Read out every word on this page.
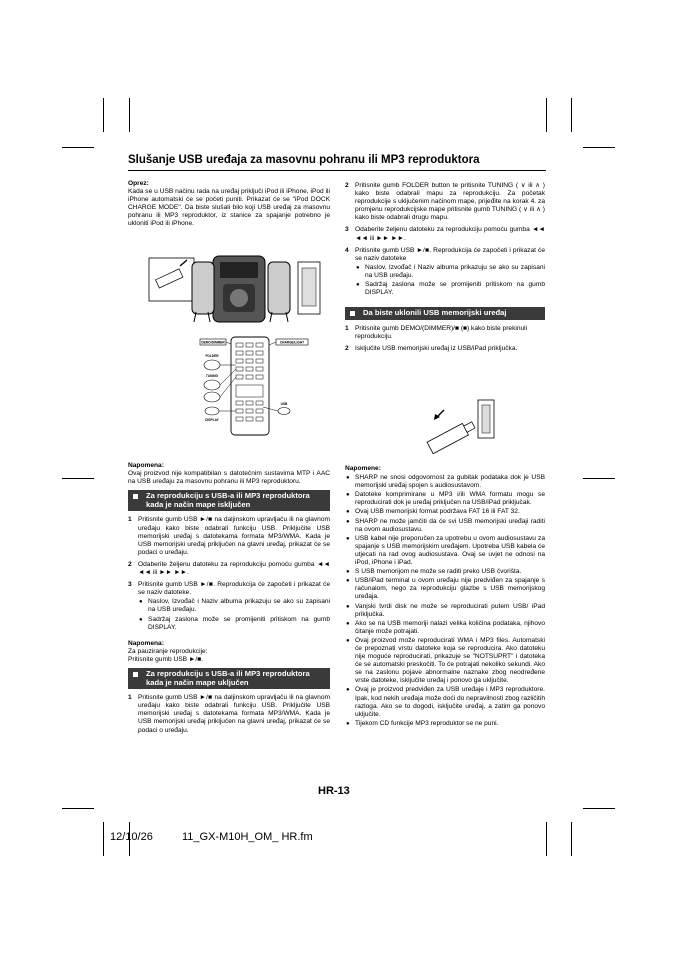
Slušanje USB uređaja za masovnu pohranu ili MP3 reproduktora

Oprez:

Kada se u USB načinu rada na uređaj priključi iPod ili iPhone, iPod ili iPhone automatski će se početi puniti. Prikazat će se "iPod DOCK CHARGE MODE". Da biste slušali bilo koji USB uređaj za masovnu pohranu ili MP3 reproduktor, iz stanice za spajanje potrebno je ukloniti iPod ili iPhone.

DEMO/DIMMER	CHARGE/LIGHT
FOLDER
TUNING
DISPLAY
USB

Napomena:

Ovaj proizvod nije kompatibilan s datotečnim sustavima MTP i AAC na USB uređaju za masovnu pohranu ili MP3 reproduktoru.

Za reprodukciju s USB-a ili MP3 reproduktora kada je način mape isključen
1 Pritisnite gumb USB ►/■ na daljinskom upravljaču ili na glavnom uređaju kako biste odabrali funkciju USB. Priključite USB memorijski uređaj s datotekama formata MP3/WMA. Kada je USB memorijski uređaj priključen na glavni uređaj, prikazat će se podaci o uređaju.
2 Odaberite željenu datoteku za reprodukciju pomoću gumba ◄◄ ◄◄ ili ►► ►►.
3 Pritisnite gumb USB ►/■. Reprodukcija će započeti i prikazat će se naziv datoteke.
● Naslov, Izvođač i Naziv albuma prikazuju se ako su zapisani na USB uređaju.
● Sadržaj zaslona može se promijeniti pritiskom na gumb DISPLAY.

Napomena:

Za pauziranje reprodukcije:

Pritisnite gumb USB ►/■.

Za reprodukciju s USB-a ili MP3 reproduktora kada je način mape uključen
1 Pritisnite gumb USB ►/■ na daljinskom upravljaču ili na glavnom uređaju kako biste odabrali funkciju USB. Priključite USB memorijski uređaj s datotekama formata MP3/WMA. Kada je USB memorijski uređaj priključen na glavni uređaj, prikazat će se podaci o uređaju.
2 Pritisnite gumb FOLDER button te pritisnite TUNING ( ∨ ili ∧ ) kako biste odabrali mapu za reprodukciju. Za početak reprodukcije s uključenim načinom mape, prijeđite na korak 4. za promjenu reprodukcijske mape pritisnite gumb TUNING ( ∨ ili ∧ ) kako biste odabrali drugu mapu.
3 Odaberite željenu datoteku za reprodukciju pomoću gumba ◄◄ ◄◄ ili ►► ►►.
4 Pritisnite gumb USB ►/■. Reprodukcija će započeti i prikazat će se naziv datoteke
● Naslov, Izvođač i Naziv albuma prikazuju se ako su zapisani na USB uređaju.
● Sadržaj zaslona može se promijeniti pritiskom na gumb DISPLAY.
Da biste uklonili USB memorijski uređaj
1 Pritisnite gumb DEMO/(DIMMER)/■ (■) kako biste prekinuli reprodukciju.
2 Isključite USB memorijski uređaj iz USB/iPad priključka.

Napomene:

● SHARP ne snosi odgovornost za gubitak podataka dok je USB memorijski uređaj spojen s audiosustavom.
● Datoteke komprimirane u MP3 i/ili WMA formatu mogu se reproducirati dok je uređaj priključen na USB/iPad priključak.
● Ovaj USB memorijski format podržava FAT 16 ili FAT 32.
● SHARP ne može jamčiti da će svi USB memorijski uređaji raditi na ovom audiosustavu.
● USB kabel nije preporučen za upotrebu u ovom audiosustavu za spajanje s USB memorijskim uređajem. Upotreba USB kabela će utjecati na rad ovog audiosustava. Ovaj se uvjet ne odnosi na iPod, iPhone i iPad.
● S USB memorijom ne može se raditi preko USB čvorišta.
● USB/iPad terminal u ovom uređaju nije predviđen za spajanje s računalom, nego za reprodukciju glazbe s USB memorijskog uređaja.
● Vanjski tvrdi disk ne može se reproducirati putem USB/ iPad priključka.
● Ako se na USB memoriji nalazi velika količina podataka, njihovo čitanje može potrajati.
● Ovaj proizvod može reproducirati WMA i MP3 files. Automatski će prepoznati vrstu datoteke koja se reproducira. Ako datoteku nije moguće reproducirati, prikazuje se "NOTSUPRT" i datoteka će se automatski preskočiti. To će potrajati nekoliko sekundi. Ako se na zaslonu pojave abnormalne naznake zbog neodređene vrste datoteke, isključite uređaj i ponovo ga uključite.
● Ovaj je proizvod predviđen za USB uređaje i MP3 reproduktore. Ipak, kod nekih uređaja može doći do nepravilnosti zbog različitih razloga. Ako se to dogodi, isključite uređaj, a zatim ga ponovo uključite.
● Tijekom CD funkcije MP3 reproduktor se ne puni.
HR-13
12/10/26	11_GX-M10H_OM_ HR.fm
